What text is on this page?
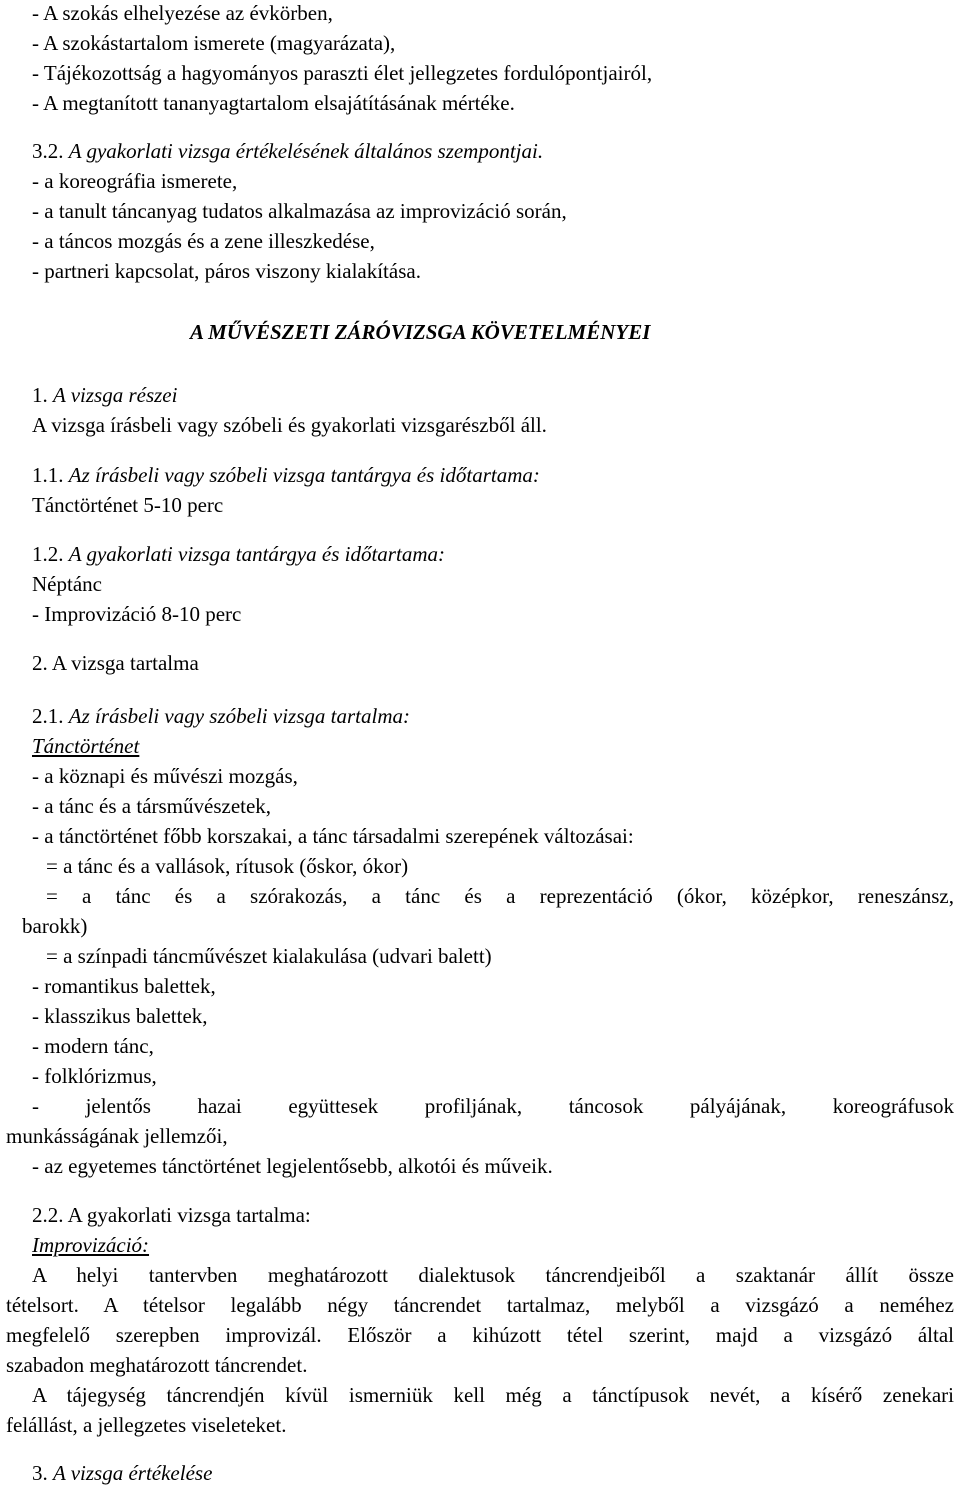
- A szokás elhelyezése az évkörben,
- A szokástartalom ismerete (magyarázata),
- Tájékozottság a hagyományos paraszti élet jellegzetes fordulópontjairól,
- A megtanított tananyagtartalom elsajátításának mértéke.
3.2. A gyakorlati vizsga értékelésének általános szempontjai.
- a koreográfia ismerete,
- a tanult táncanyag tudatos alkalmazása az improvizáció során,
- a táncos mozgás és a zene illeszkedése,
- partneri kapcsolat, páros viszony kialakítása.
A MŰVÉSZETI ZÁRÓVIZSGA KÖVETELMÉNYEI
1. A vizsga részei
A vizsga írásbeli vagy szóbeli és gyakorlati vizsgarészből áll.
1.1. Az írásbeli vagy szóbeli vizsga tantárgya és időtartama:
Tánctörténet 5-10 perc
1.2. A gyakorlati vizsga tantárgya és időtartama:
Néptánc
- Improvizáció 8-10 perc
2. A vizsga tartalma
2.1. Az írásbeli vagy szóbeli vizsga tartalma:
Tánctörténet
- a köznapi és művészi mozgás,
- a tánc és a társművészetek,
- a tánctörténet főbb korszakai, a tánc társadalmi szerepének változásai:
= a tánc és a vallások, rítusok (őskor, ókor)
= a tánc és a szórakozás, a tánc és a reprezentáció (ókor, középkor, reneszánsz,
barokk)
= a színpadi táncművészet kialakulása (udvari balett)
- romantikus balettek,
- klasszikus balettek,
- modern tánc,
- folklórizmus,
- jelentős hazai együttesek profiljának, táncosok pályájának, koreográfusok
munkásságának jellemzői,
- az egyetemes tánctörténet legjelentősebb, alkotói és műveik.
2.2. A gyakorlati vizsga tartalma:
Improvizáció:
A helyi tantervben meghatározott dialektusok táncrendjeiből a szaktanár állít össze
tételsort. A tételsor legalább négy táncrendet tartalmaz, melyből a vizsgázó a neméhez
megfelelő szerepben improvizál. Először a kihúzott tétel szerint, majd a vizsgázó által
szabadon meghatározott táncrendet.
A tájegység táncrendjén kívül ismerniük kell még a tánctípusok nevét, a kísérő zenekari
felállást, a jellegzetes viseleteket.
3. A vizsga értékelése
